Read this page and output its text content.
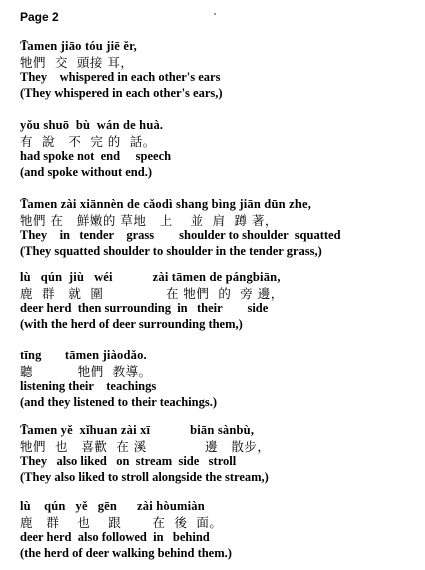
Page 2
T̄amen jiāo tóu jiē ěr,
牠們  交  頭接 耳，
They    whispered in each other's ears
(They whispered in each other's ears,)
yǒu shuō  bù  wán de huà.
有  說   不  完 的  話。
had spoke not  end     speech
(and spoke without end.)
T̄amen zài xiānnèn de cǎodì shang bìng jiān dūn zhe,
牠們 在   鮮嫩的 草地   上    並  肩  蹲 著，
They    in   tender    grass        shoulder to shoulder  squatted
(They squatted shoulder to shoulder in the tender grass,)
lù   qún  jiù   wéi            zài tāmen de pángbiān,
鹿  群   就  圍              在 牠們  的  旁 邊，
deer herd  then surrounding  in   their        side
(with the herd of deer surrounding them,)
tīng       tāmen jiàodǎo.
聽          牠們  教導。
listening their    teachings
(and they listened to their teachings.)
T̄amen yě  xǐhuan zài xī            biān sànbù,
牠們  也   喜歡  在 溪             邊   散步，
They   also liked   on  stream  side   stroll
(They also liked to stroll alongside the stream,)
lù    qún   yě   gēn      zài hòumiàn
鹿   群    也    跟       在  後  面。
deer herd  also followed  in   behind
(the herd of deer walking behind them.)
